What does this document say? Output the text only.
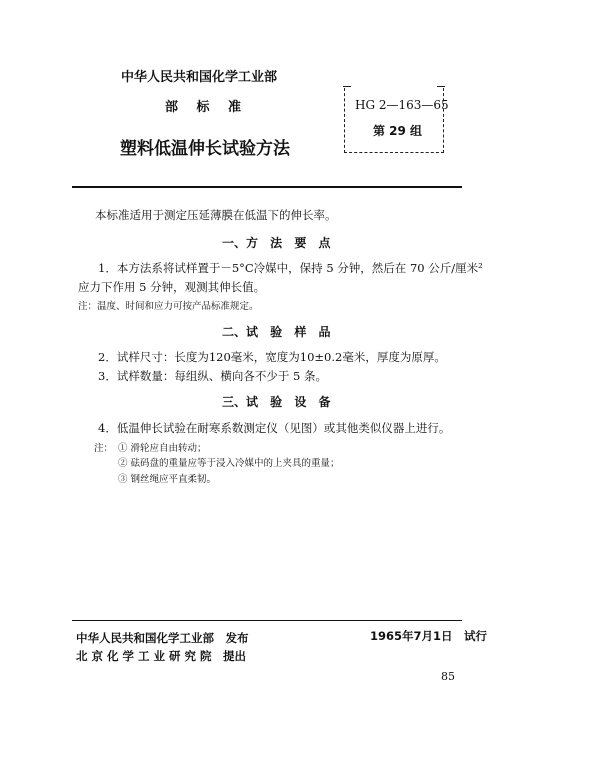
中华人民共和国化学工业部
部 标 准
塑料低温伸长试验方法
HG 2—163—65
第 29 组
本标准适用于测定压延薄膜在低温下的伸长率。
一、方 法 要 点
1．本方法系将试样置于－5°C冷媒中，保持 5 分钟，然后在 70 公斤/厘米²
应力下作用 5 分钟，观测其伸长值。
注：温度、时间和应力可按产品标准规定。
二、试 验 样 品
2．试样尺寸：长度为120毫米，宽度为10±0.2毫米，厚度为原厚。
3．试样数量：每组纵、横向各不少于 5 条。
三、试 验 设 备
4．低温伸长试验在耐寒系数测定仪（见图）或其他类似仪器上进行。
注： ① 滑轮应自由转动；
② 砝码盘的重量应等于浸入冷媒中的上夹具的重量；
③ 钢丝绳应平直柔韧。
中华人民共和国化学工业部　发布	1965年7月1日　试行
北 京 化 学 工 业 研 究 院　提出
85
